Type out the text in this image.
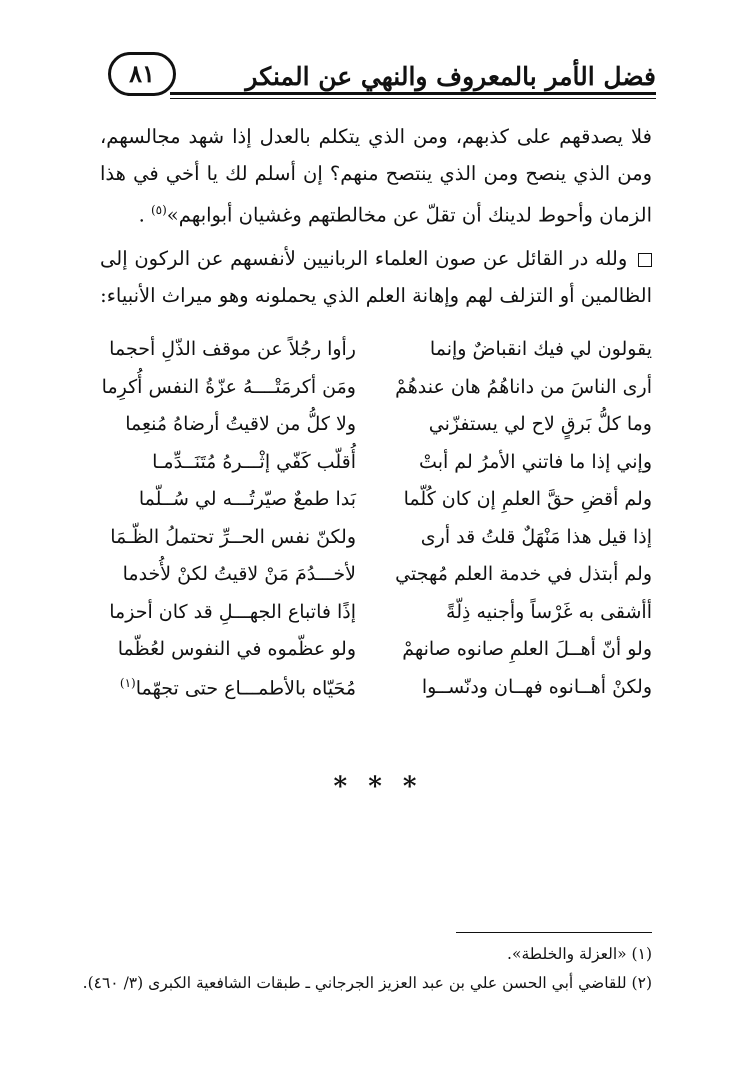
فضل الأمر بالمعروف والنهي عن المنكر
٨١
فلا يصدقهم على كذبهم، ومن الذي يتكلم بالعدل إذا شهد مجالسهم، ومن الذي ينصح ومن الذي ينتصح منهم؟ إن أسلم لك يا أخي في هذا الزمان وأحوط لدينك أن تقلّ عن مخالطتهم وغشيان أبوابهم»$^{(٥)}$ .
ولله در القائل عن صون العلماء الربانيين لأنفسهم عن الركون إلى الظالمين أو التزلف لهم وإهانة العلم الذي يحملونه وهو ميراث الأنبياء:
يقولون لي فيك انقباضٌ وإنما
رأوا رجُلاً عن موقف الذّلِ أحجما
أرى الناسَ من داناهُمُ هان عندهُمْ
ومَن أكرمَتْــــهُ عزّةُ النفس أُكرِما
وما كلُّ بَرقٍ لاح لي يستفزّني
ولا كلُّ من لاقيتُ أرضاهُ مُنعِما
وإني إذا ما فاتني الأمرُ لم أبتْ
أُقلّب كَفّي إثْـــرهُ مُتَنَــدِّمـا
ولم أقضِ حقَّ العلمِ إن كان كُلّما
بَدا طمعٌ صيّرتُـــه لي سُــلّما
إذا قيل هذا مَنْهَلٌ قلتُ قد أرى
ولكنّ نفس الحــرِّ تحتملُ الظّـمَا
ولم أبتذل في خدمة العلم مُهجتي
لأخـــدُمَ مَنْ لاقيتُ لكنْ لأُخدما
أأشقى به غَرْساً وأجنيه ذِلّةً
إذًا فاتباع الجهـــلِ قد كان أحزما
ولو أنّ أهــلَ العلمِ صانوه صانهمْ
ولو عظّموه في النفوس لعُظّما
ولكنْ أهــانوه فهــان ودنّســوا
مُحَيّاه بالأطمـــاع حتى تجهّما$^{(١)}$
* * *
(١) «العزلة والخلطة».
(٢) للقاضي أبي الحسن علي بن عبد العزيز الجرجاني ـ طبقات الشافعية الكبرى (٣/ ٤٦٠).
